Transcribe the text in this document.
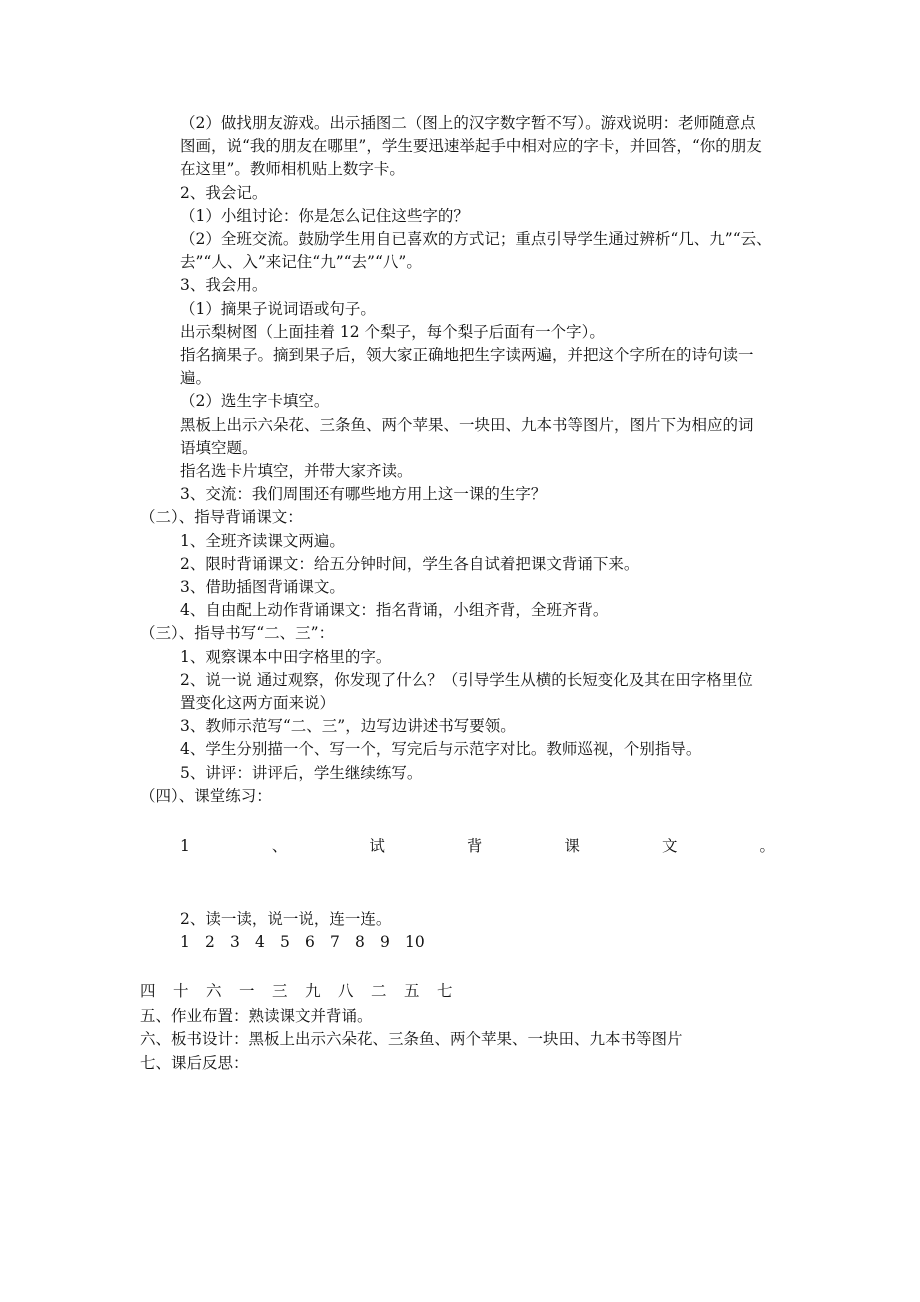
（2）做找朋友游戏。出示插图二（图上的汉字数字暂不写）。游戏说明：老师随意点
图画，说“我的朋友在哪里”，学生要迅速举起手中相对应的字卡，并回答，“你的朋友
在这里”。教师相机贴上数字卡。
2、我会记。
（1）小组讨论：你是怎么记住这些字的？
（2）全班交流。鼓励学生用自已喜欢的方式记；重点引导学生通过辨析“几、九”“云、
去”“人、入”来记住“九”“去”“八”。
3、我会用。
（1）摘果子说词语或句子。
出示梨树图（上面挂着 12 个梨子，每个梨子后面有一个字）。
指名摘果子。摘到果子后，领大家正确地把生字读两遍，并把这个字所在的诗句读一
遍。
（2）选生字卡填空。
黑板上出示六朵花、三条鱼、两个苹果、一块田、九本书等图片，图片下为相应的词
语填空题。
指名选卡片填空，并带大家齐读。
3、交流：我们周围还有哪些地方用上这一课的生字？
（二）、指导背诵课文：
1、全班齐读课文两遍。
2、限时背诵课文：给五分钟时间，学生各自试着把课文背诵下来。
3、借助插图背诵课文。
4、自由配上动作背诵课文：指名背诵，小组齐背，全班齐背。
（三）、指导书写“二、三”：
1、观察课本中田字格里的字。
2、说一说 通过观察，你发现了什么？（引导学生从横的长短变化及其在田字格里位
置变化这两方面来说）
3、教师示范写“二、三”，边写边讲述书写要领。
4、学生分别描一个、写一个，写完后与示范字对比。教师巡视，个别指导。
5、讲评：讲评后，学生继续练写。
（四）、课堂练习：
1	、	试	背	课	文	。
2、读一读，说一说，连一连。
1 2 3 4 5 6 7 8 9 10
四	十	六	一	三	九	八	二	五	七
五、作业布置：熟读课文并背诵。
六、板书设计：黑板上出示六朵花、三条鱼、两个苹果、一块田、九本书等图片
七、课后反思：
